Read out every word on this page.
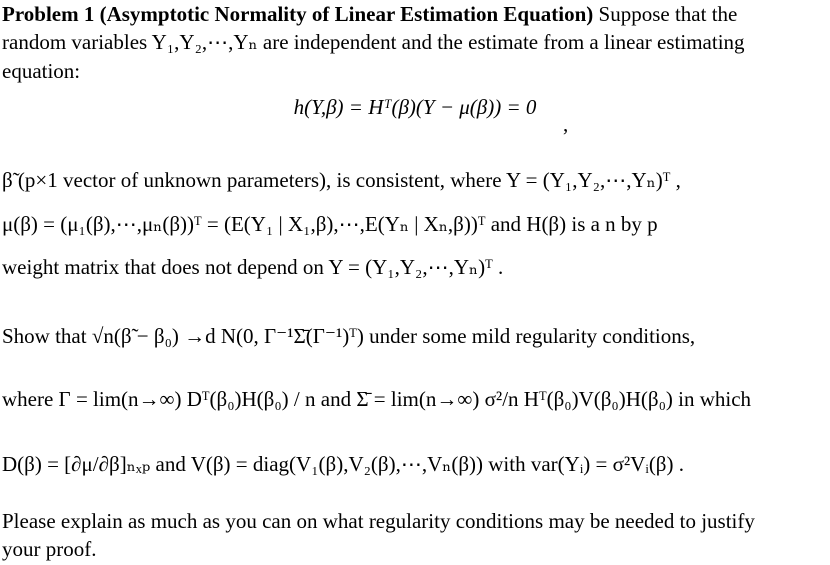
Problem 1 (Asymptotic Normality of Linear Estimation Equation) Suppose that the
random variables Y₁,Y₂,⋯,Yₙ are independent and the estimate from a linear estimating
equation:
h(Y,β) = Hᵀ(β)(Y − μ(β)) = 0
,
β̃ (p×1 vector of unknown parameters), is consistent, where Y = (Y₁,Y₂,⋯,Yₙ)ᵀ ,
μ(β) = (μ₁(β),⋯,μₙ(β))ᵀ = (E(Y₁ | X₁,β),⋯,E(Yₙ | Xₙ,β))ᵀ and H(β) is a n by p
weight matrix that does not depend on Y = (Y₁,Y₂,⋯,Yₙ)ᵀ .
Show that √n(β̃ − β₀) →d N(0, Γ⁻¹Σ̄(Γ⁻¹)ᵀ) under some mild regularity conditions,
where Γ = lim(n→∞) Dᵀ(β₀)H(β₀) / n and Σ̄ = lim(n→∞) σ²/n Hᵀ(β₀)V(β₀)H(β₀) in which
D(β) = [∂μ/∂β]ₙₓₚ and V(β) = diag(V₁(β),V₂(β),⋯,Vₙ(β)) with var(Yᵢ) = σ²Vᵢ(β) .
Please explain as much as you can on what regularity conditions may be needed to justify
your proof.
